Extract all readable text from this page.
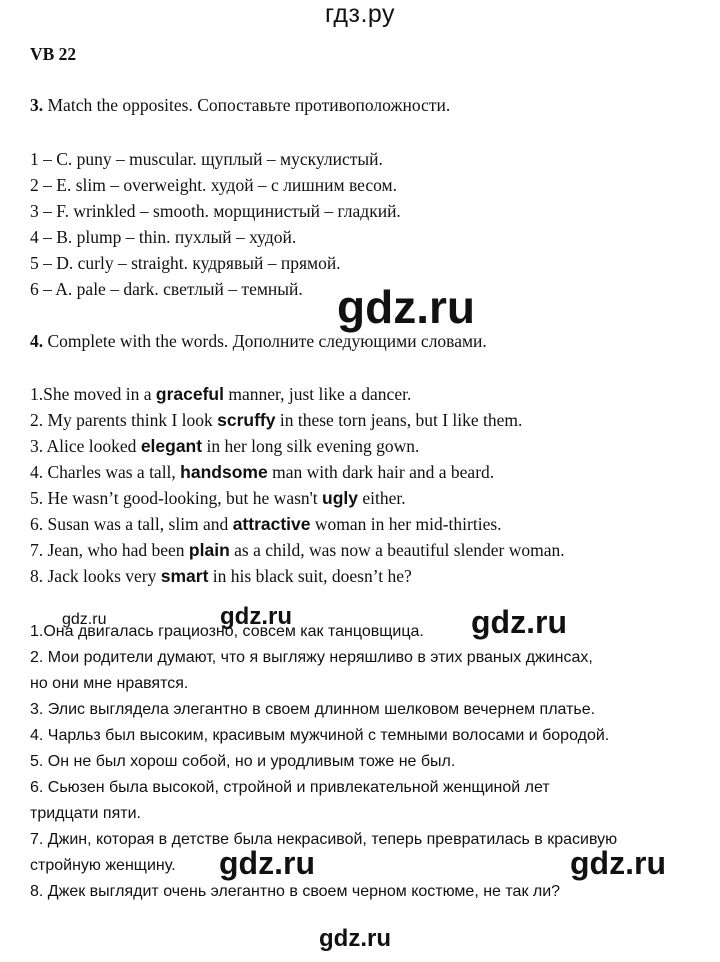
гдз.ру
VB 22
3. Match the opposites. Сопоставьте противоположности.
1 – C. puny – muscular. щуплый – мускулистый.
2 – E. slim – overweight. худой – с лишним весом.
3 – F. wrinkled – smooth. морщинистый – гладкий.
4 – B. plump – thin. пухлый – худой.
5 – D. curly – straight. кудрявый – прямой.
6 – A. pale – dark. светлый – темный. gdz.ru
4. Complete with the words. Дополните следующими словами.
1.She moved in a graceful manner, just like a dancer.
2. My parents think I look scruffy in these torn jeans, but I like them.
3. Alice looked elegant in her long silk evening gown.
4. Charles was a tall, handsome man with dark hair and a beard.
5. He wasn’t good-looking, but he wasn't ugly either.
6. Susan was a tall, slim and attractive woman in her mid-thirties.
7. Jean, who had been plain as a child, was now a beautiful slender woman.
8. Jack looks very smart in his black suit, doesn’t he?
gdz.ru	gdz.ru	gdz.ru
1.Она двигалась грациозно, совсем как танцовщица.
2. Мои родители думают, что я выгляжу неряшливо в этих рваных джинсах,
но они мне нравятся.
3. Элис выглядела элегантно в своем длинном шелковом вечернем платье.
4. Чарльз был высоким, красивым мужчиной с темными волосами и бородой.
5. Он не был хорош собой, но и уродливым тоже не был.
6. Сьюзен была высокой, стройной и привлекательной женщиной лет
тридцати пяти.
7. Джин, которая в детстве была некрасивой, теперь превратилась в красивую
стройную женщину.
8. Джек выглядит очень элегантно в своем черном костюме, не так ли?
gdz.ru	gdz.ru
gdz.ru
